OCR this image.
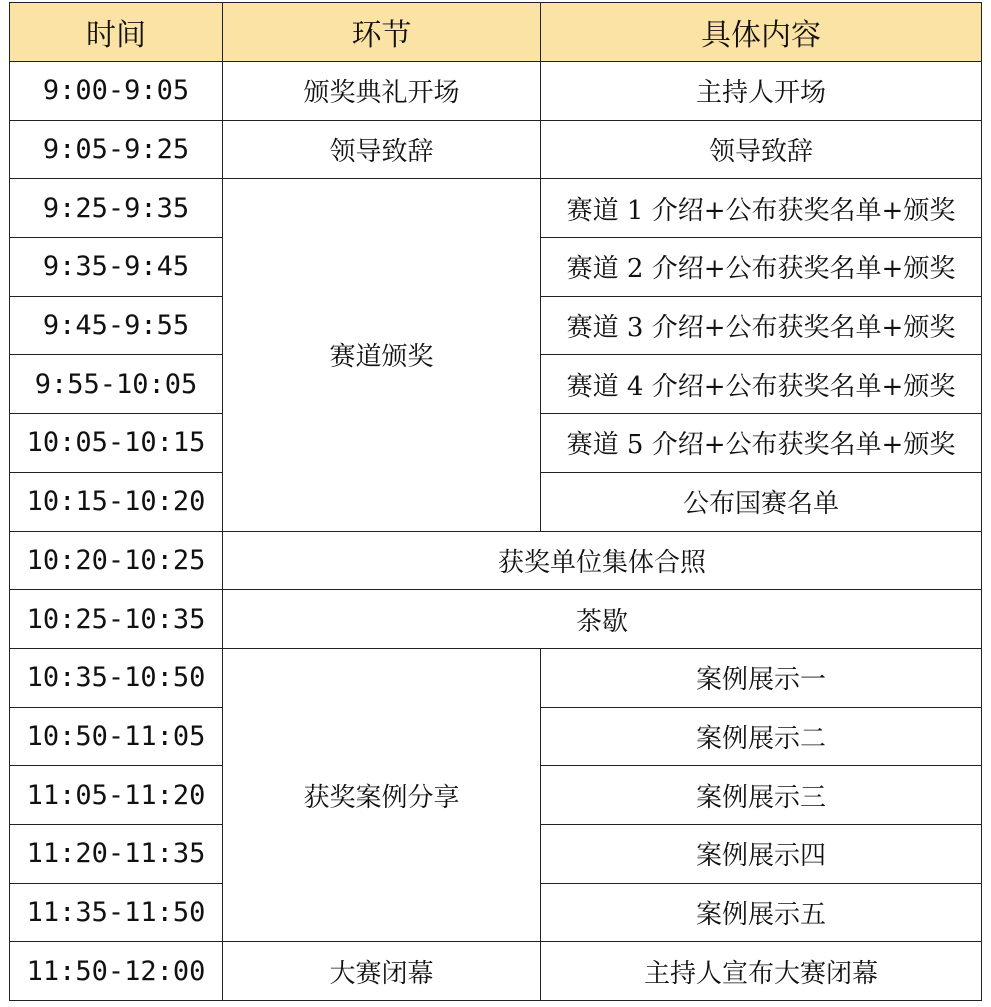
时间	环节	具体内容
9:00-9:05	颁奖典礼开场	主持人开场
9:05-9:25	领导致辞	领导致辞
9:25-9:35	赛道颁奖	赛道 1 介绍+公布获奖名单+颁奖
9:35-9:45		赛道 2 介绍+公布获奖名单+颁奖
9:45-9:55		赛道 3 介绍+公布获奖名单+颁奖
9:55-10:05		赛道 4 介绍+公布获奖名单+颁奖
10:05-10:15		赛道 5 介绍+公布获奖名单+颁奖
10:15-10:20		公布国赛名单
10:20-10:25	获奖单位集体合照	
10:25-10:35	茶歇	
10:35-10:50	获奖案例分享	案例展示一
10:50-11:05		案例展示二
11:05-11:20		案例展示三
11:20-11:35		案例展示四
11:35-11:50		案例展示五
11:50-12:00	大赛闭幕	主持人宣布大赛闭幕
